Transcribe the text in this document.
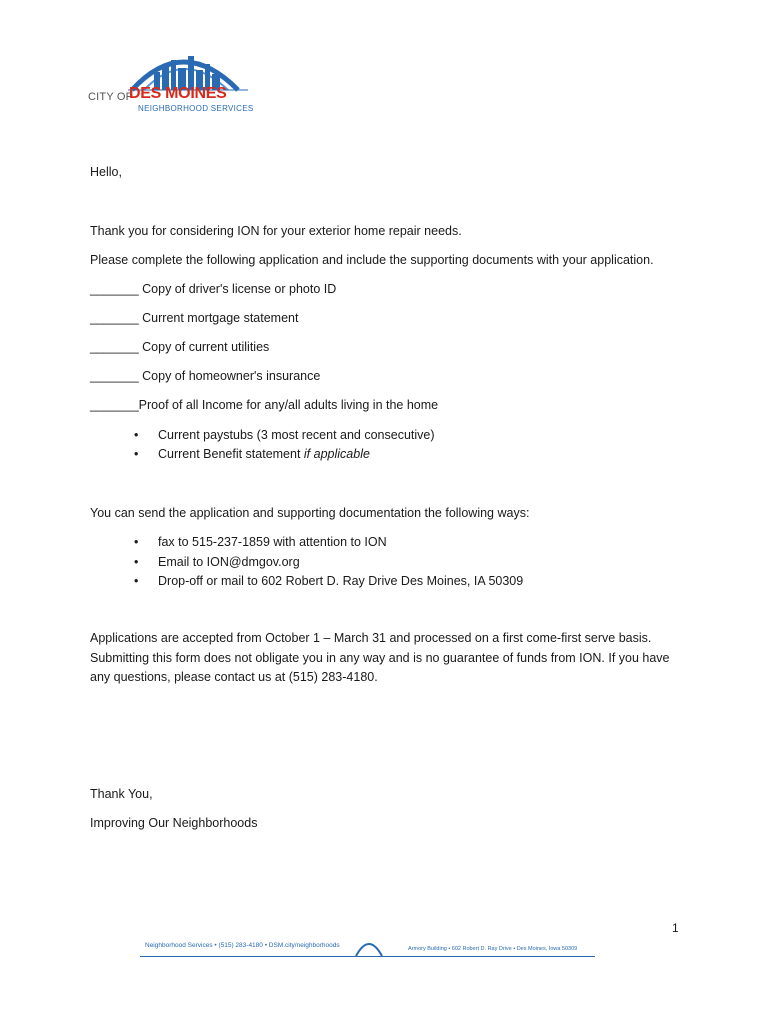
CITY OF
DES MOINES
NEIGHBORHOOD SERVICES
Hello,
Thank you for considering ION for your exterior home repair needs.
Please complete the following application and include the supporting documents with your application.
_______ Copy of driver's license or photo ID
_______ Current mortgage statement
_______ Copy of current utilities
_______ Copy of homeowner's insurance
_______Proof of all Income for any/all adults living in the home
• Current paystubs (3 most recent and consecutive)
• Current Benefit statement if applicable
You can send the application and supporting documentation the following ways:
• fax to 515-237-1859 with attention to ION
• Email to ION@dmgov.org
• Drop-off or mail to 602 Robert D. Ray Drive Des Moines, IA 50309

Applications are accepted from October 1 – March 31 and processed on a first come-first serve basis. Submitting this form does not obligate you in any way and is no guarantee of funds from ION. If you have any questions, please contact us at (515) 283-4180.

Thank You,
Improving Our Neighborhoods
1
Neighborhood Services • (515) 283-4180 • DSM.city/neighborhoods	Armory Building • 602 Robert D. Ray Drive • Des Moines, Iowa 50309
